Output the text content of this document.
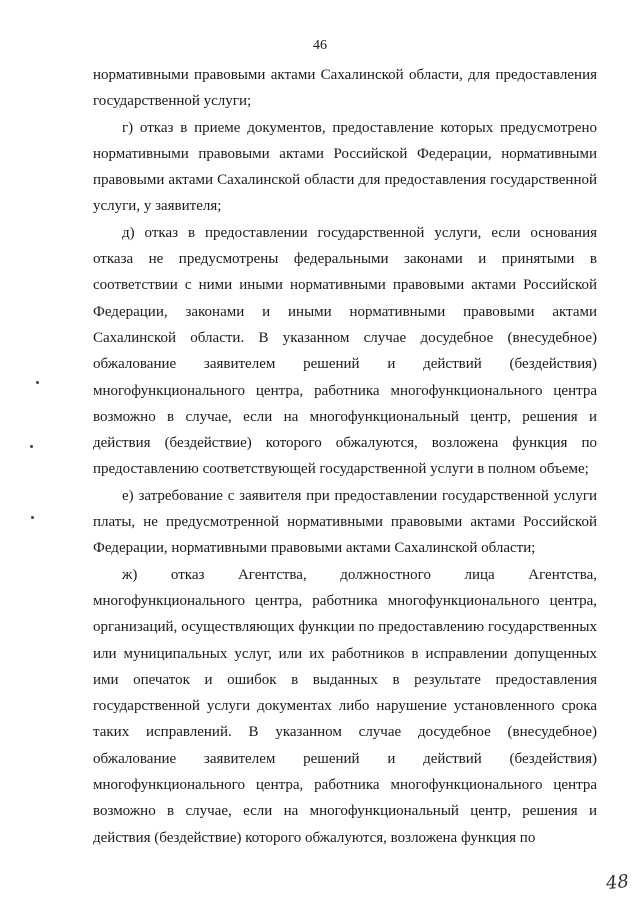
46

нормативными правовыми актами Сахалинской области, для предоставления государственной услуги;

г) отказ в приеме документов, предоставление которых предусмотрено нормативными правовыми актами Российской Федерации, нормативными правовыми актами Сахалинской области для предоставления государственной услуги, у заявителя;

д) отказ в предоставлении государственной услуги, если основания отказа не предусмотрены федеральными законами и принятыми в соответствии с ними иными нормативными правовыми актами Российской Федерации, законами и иными нормативными правовыми актами Сахалинской области. В указанном случае досудебное (внесудебное) обжалование заявителем решений и действий (бездействия) многофункционального центра, работника многофункционального центра возможно в случае, если на многофункциональный центр, решения и действия (бездействие) которого обжалуются, возложена функция по предоставлению соответствующей государственной услуги в полном объеме;

е) затребование с заявителя при предоставлении государственной услуги платы, не предусмотренной нормативными правовыми актами Российской Федерации, нормативными правовыми актами Сахалинской области;

ж) отказ Агентства, должностного лица Агентства, многофункционального центра, работника многофункционального центра, организаций, осуществляющих функции по предоставлению государственных или муниципальных услуг, или их работников в исправлении допущенных ими опечаток и ошибок в выданных в результате предоставления государственной услуги документах либо нарушение установленного срока таких исправлений. В указанном случае досудебное (внесудебное) обжалование заявителем решений и действий (бездействия) многофункционального центра, работника многофункционального центра возможно в случае, если на многофункциональный центр, решения и действия (бездействие) которого обжалуются, возложена функция по

48
